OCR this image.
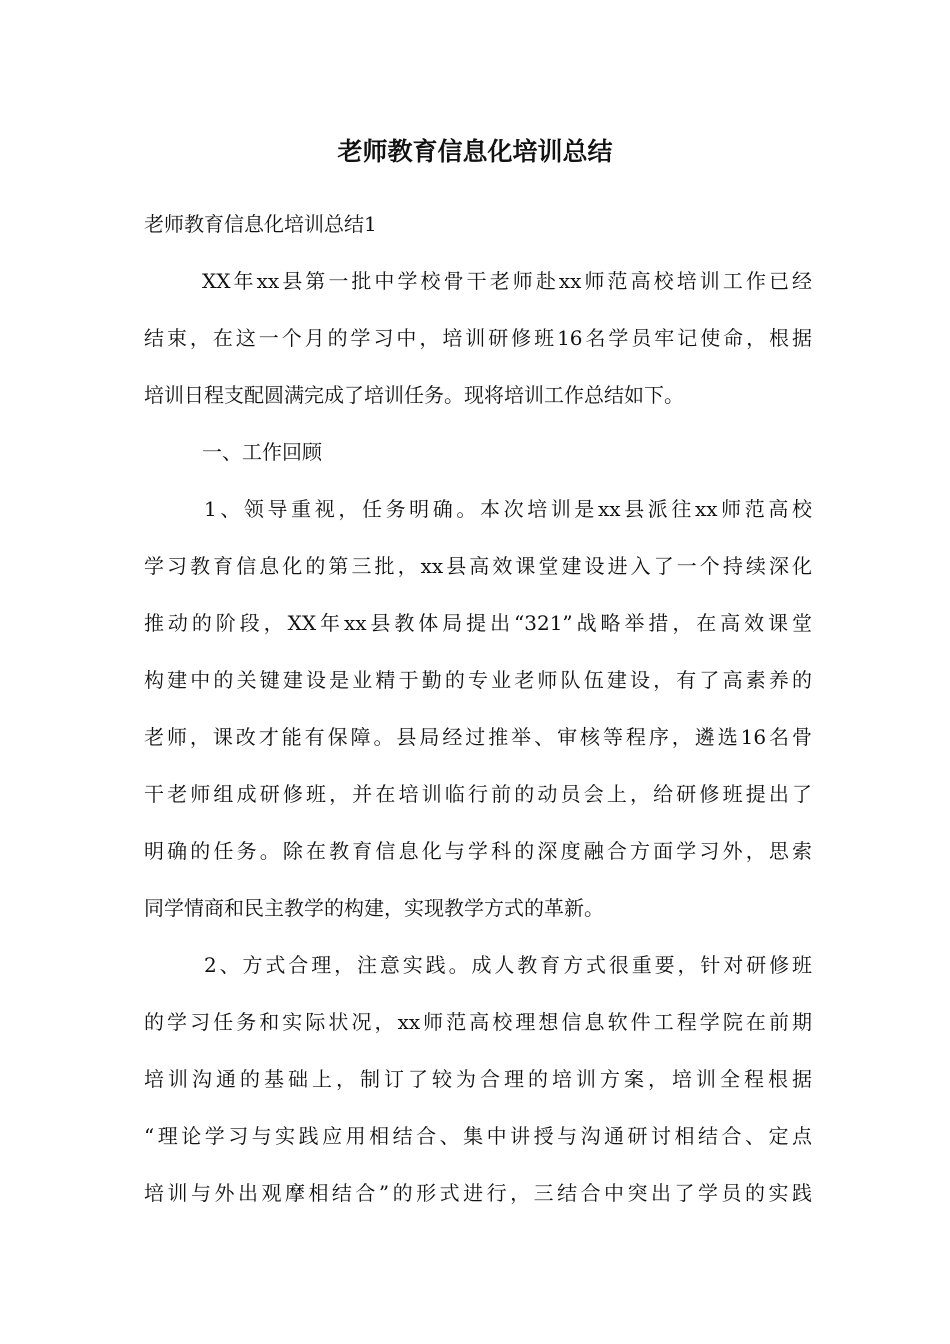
老师教育信息化培训总结
老师教育信息化培训总结1
XX年xx县第一批中学校骨干老师赴xx师范高校培训工作已经
结束，在这一个月的学习中，培训研修班16名学员牢记使命，根据
培训日程支配圆满完成了培训任务。现将培训工作总结如下。
一、工作回顾
1、领导重视，任务明确。本次培训是xx县派往xx师范高校
学习教育信息化的第三批，xx县高效课堂建设进入了一个持续深化
推动的阶段，XX年xx县教体局提出“321”战略举措，在高效课堂
构建中的关键建设是业精于勤的专业老师队伍建设，有了高素养的
老师，课改才能有保障。县局经过推举、审核等程序，遴选16名骨
干老师组成研修班，并在培训临行前的动员会上，给研修班提出了
明确的任务。除在教育信息化与学科的深度融合方面学习外，思索
同学情商和民主教学的构建，实现教学方式的革新。
2、方式合理，注意实践。成人教育方式很重要，针对研修班
的学习任务和实际状况，xx师范高校理想信息软件工程学院在前期
培训沟通的基础上，制订了较为合理的培训方案，培训全程根据
“理论学习与实践应用相结合、集中讲授与沟通研讨相结合、定点
培训与外出观摩相结合”的形式进行，三结合中突出了学员的实践
